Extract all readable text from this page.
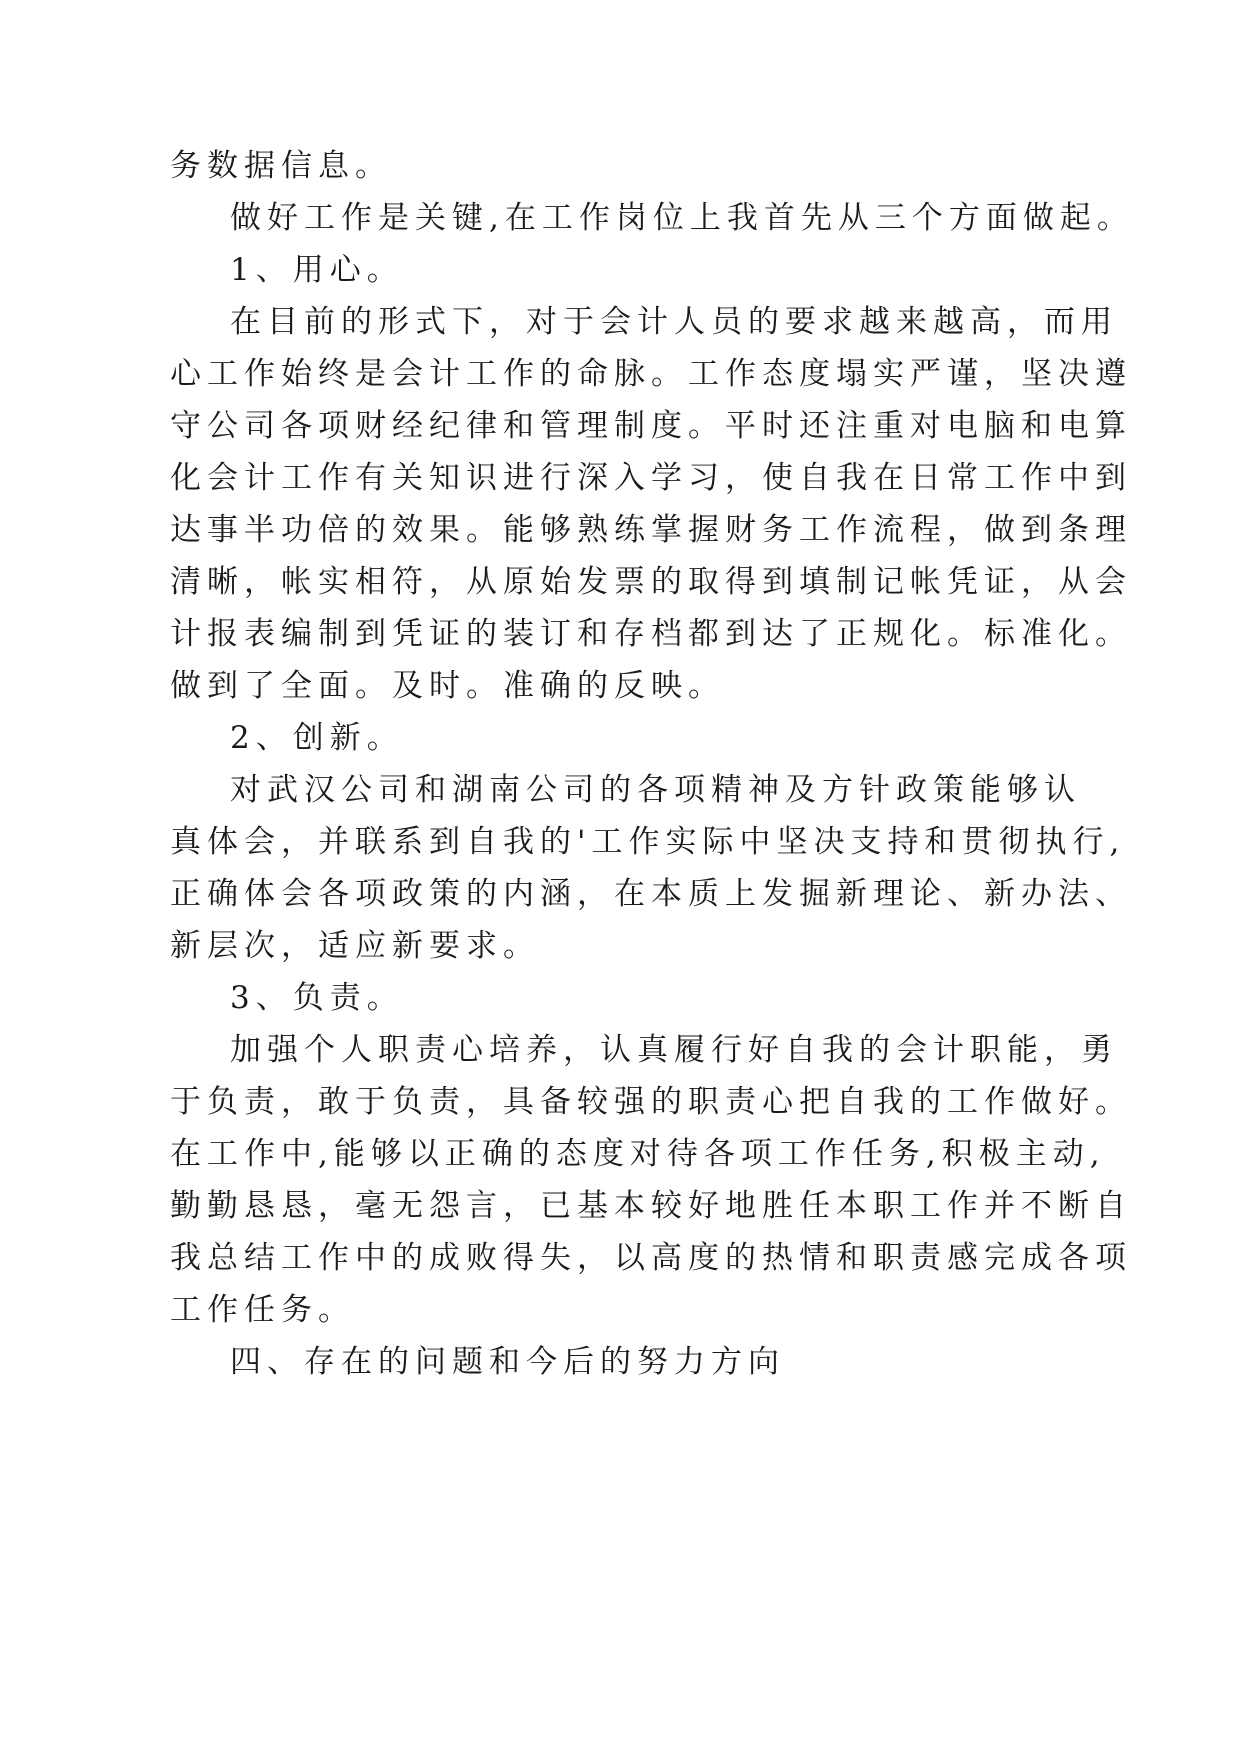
务数据信息。

做好工作是关键,在工作岗位上我首先从三个方面做起。

1、用心。

在目前的形式下，对于会计人员的要求越来越高，而用

心工作始终是会计工作的命脉。工作态度塌实严谨，坚决遵

守公司各项财经纪律和管理制度。平时还注重对电脑和电算

化会计工作有关知识进行深入学习，使自我在日常工作中到

达事半功倍的效果。能够熟练掌握财务工作流程，做到条理

清晰，帐实相符，从原始发票的取得到填制记帐凭证，从会

计报表编制到凭证的装订和存档都到达了正规化。标准化。

做到了全面。及时。准确的反映。

2、创新。

对武汉公司和湖南公司的各项精神及方针政策能够认

真体会，并联系到自我的'工作实际中坚决支持和贯彻执行,

正确体会各项政策的内涵，在本质上发掘新理论、新办法、

新层次，适应新要求。

3、负责。

加强个人职责心培养，认真履行好自我的会计职能，勇

于负责，敢于负责，具备较强的职责心把自我的工作做好。

在工作中,能够以正确的态度对待各项工作任务,积极主动,

勤勤恳恳，毫无怨言，已基本较好地胜任本职工作并不断自

我总结工作中的成败得失，以高度的热情和职责感完成各项

工作任务。

四、存在的问题和今后的努力方向
